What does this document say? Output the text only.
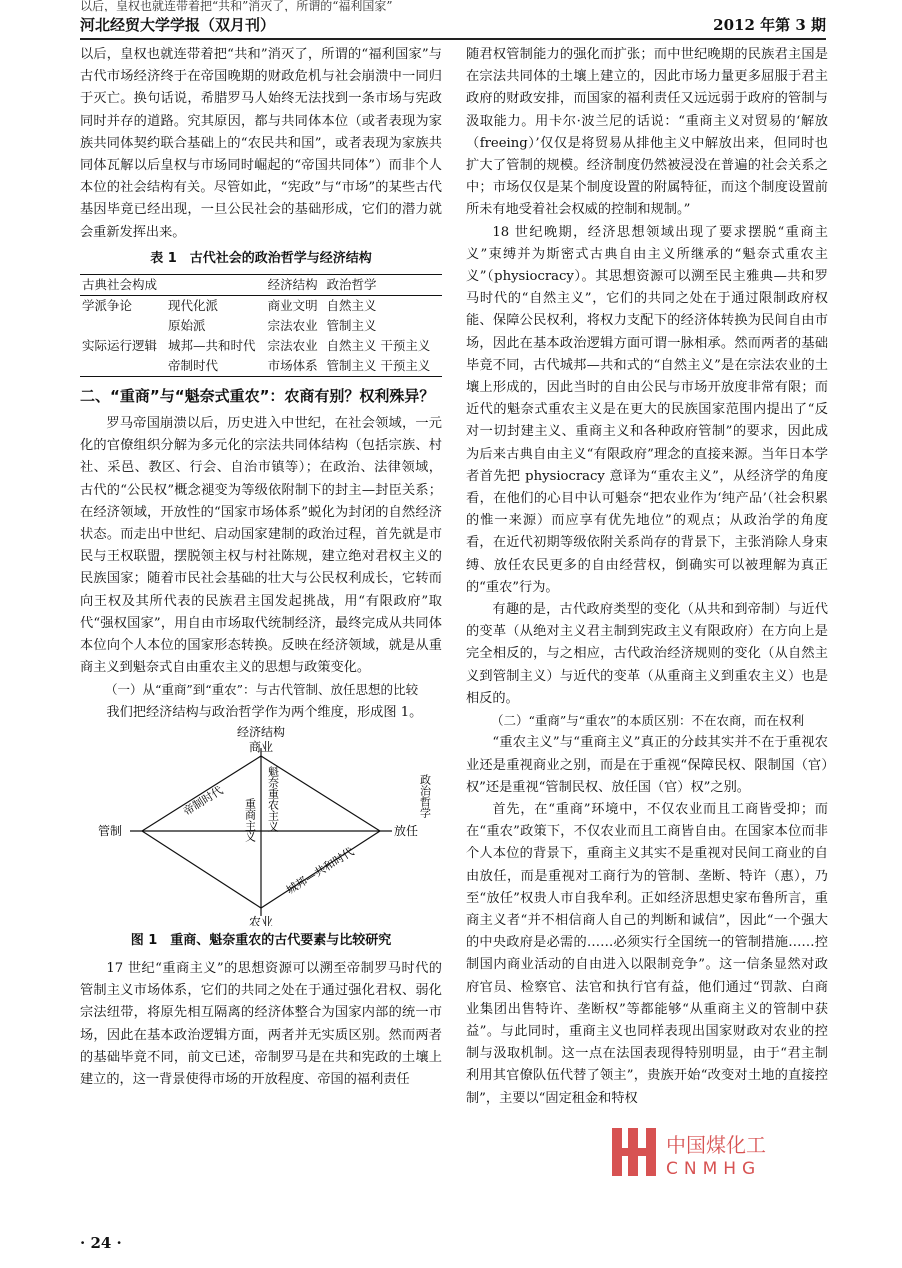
以后，皇权也就连带着把“共和”消灭了，所谓的“福利国家”
河北经贸大学学报（双月刊）	2012 年第 3 期

以后，皇权也就连带着把“共和”消灭了，所谓的“福利国家”与古代市场经济终于在帝国晚期的财政危机与社会崩溃中一同归于灭亡。换句话说，希腊罗马人始终无法找到一条市场与宪政同时并存的道路。究其原因，都与共同体本位（或者表现为家族共同体契约联合基础上的“农民共和国”，或者表现为家族共同体瓦解以后皇权与市场同时崛起的“帝国共同体”）而非个人本位的社会结构有关。尽管如此，“宪政”与“市场”的某些古代基因毕竟已经出现，一旦公民社会的基础形成，它们的潜力就会重新发挥出来。

表 1　古代社会的政治哲学与经济结构
古典社会构成		经济结构	政治哲学
学派争论	现代化派	商业文明	自然主义
	原始派	宗法农业	管制主义
实际运行逻辑	城邦—共和时代	宗法农业	自然主义 干预主义
	帝制时代	市场体系	管制主义 干预主义
二、“重商”与“魁奈式重农”：农商有别？权利殊异？

罗马帝国崩溃以后，历史进入中世纪，在社会领域，一元化的官僚组织分解为多元化的宗法共同体结构（包括宗族、村社、采邑、教区、行会、自治市镇等）；在政治、法律领域，古代的“公民权”概念褪变为等级依附制下的封主—封臣关系；在经济领域，开放性的“国家市场体系”蜕化为封闭的自然经济状态。而走出中世纪、启动国家建制的政治过程，首先就是市民与王权联盟，摆脱领主权与村社陈规，建立绝对君权主义的民族国家；随着市民社会基础的壮大与公民权利成长，它转而向王权及其所代表的民族君主国发起挑战，用“有限政府”取代“强权国家”，用自由市场取代统制经济，最终完成从共同体本位向个人本位的国家形态转换。反映在经济领域，就是从重商主义到魁奈式自由重农主义的思想与政策变化。

（一）从“重商”到“重农”：与古代管制、放任思想的比较

我们把经济结构与政治哲学作为两个维度，形成图 1。

经济结构
商业
管制	放任
政治哲学
农业
帝制时代
城邦—共和时代
重商主义 魁奈重农主义
图 1　重商、魁奈重农的古代要素与比较研究

17 世纪“重商主义”的思想资源可以溯至帝制罗马时代的管制主义市场体系，它们的共同之处在于通过强化君权、弱化宗法纽带，将原先相互隔离的经济体整合为国家内部的统一市场，因此在基本政治逻辑方面，两者并无实质区别。然而两者的基础毕竟不同，前文已述，帝制罗马是在共和宪政的土壤上建立的，这一背景使得市场的开放程度、帝国的福利责任

随君权管制能力的强化而扩张；而中世纪晚期的民族君主国是在宗法共同体的土壤上建立的，因此市场力量更多屈服于君主政府的财政安排，而国家的福利责任又远远弱于政府的管制与汲取能力。用卡尔·波兰尼的话说：“重商主义对贸易的‘解放（freeing）’仅仅是将贸易从排他主义中解放出来，但同时也扩大了管制的规模。经济制度仍然被浸没在普遍的社会关系之中；市场仅仅是某个制度设置的附属特征，而这个制度设置前所未有地受着社会权威的控制和规制。”

18 世纪晚期，经济思想领域出现了要求摆脱“重商主义”束缚并为斯密式古典自由主义所继承的“魁奈式重农主义”（physiocracy）。其思想资源可以溯至民主雅典—共和罗马时代的“自然主义”，它们的共同之处在于通过限制政府权能、保障公民权利，将权力支配下的经济体转换为民间自由市场，因此在基本政治逻辑方面可谓一脉相承。然而两者的基础毕竟不同，古代城邦—共和式的“自然主义”是在宗法农业的土壤上形成的，因此当时的自由公民与市场开放度非常有限；而近代的魁奈式重农主义是在更大的民族国家范围内提出了“反对一切封建主义、重商主义和各种政府管制”的要求，因此成为后来古典自由主义“有限政府”理念的直接来源。当年日本学者首先把 physiocracy 意译为“重农主义”，从经济学的角度看，在他们的心目中认可魁奈“把农业作为‘纯产品’（社会积累的惟一来源）而应享有优先地位”的观点；从政治学的角度看，在近代初期等级依附关系尚存的背景下，主张消除人身束缚、放任农民更多的自由经营权，倒确实可以被理解为真正的“重农”行为。

有趣的是，古代政府类型的变化（从共和到帝制）与近代的变革（从绝对主义君主制到宪政主义有限政府）在方向上是完全相反的，与之相应，古代政治经济规则的变化（从自然主义到管制主义）与近代的变革（从重商主义到重农主义）也是相反的。

（二）“重商”与“重农”的本质区别：不在农商，而在权利

“重农主义”与“重商主义”真正的分歧其实并不在于重视农业还是重视商业之别，而是在于重视“保障民权、限制国（官）权”还是重视“管制民权、放任国（官）权”之别。

首先，在“重商”环境中，不仅农业而且工商皆受抑；而在“重农”政策下，不仅农业而且工商皆自由。在国家本位而非个人本位的背景下，重商主义其实不是重视对民间工商业的自由放任，而是重视对工商行为的管制、垄断、特许（惠），乃至“放任”权贵人市自我牟利。正如经济思想史家布鲁所言，重商主义者“并不相信商人自己的判断和诚信”，因此“一个强大的中央政府是必需的……必须实行全国统一的管制措施……控制国内商业活动的自由进入以限制竞争”。这一信条显然对政府官员、检察官、法官和执行官有益，他们通过“罚款、白商业集团出售特许、垄断权”等都能够“从重商主义的管制中获益”。与此同时，重商主义也同样表现出国家财政对农业的控制与汲取机制。这一点在法国表现得特别明显，由于“君主制利用其官僚队伍代替了领主”，贵族开始“改变对土地的直接控制”，主要以“固定租金和特权

· 24 ·
中国煤化工
CNMHG
